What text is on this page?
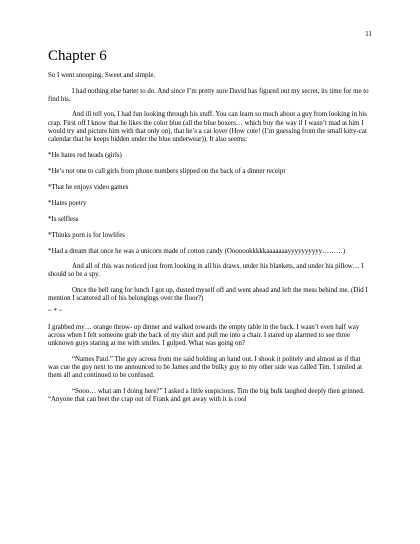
11
Chapter 6

So I went snooping. Sweet and simple.

I had nothing else batter to do. And since I’m pretty sure David has figured out my secret, its time for me to find his.

And ill tell you, I had fun looking through his stuff. You can learn so much about a guy from looking in his crap. First off I know that he likes the color blue (all the blue boxers… which buy the way if I wasn’t mad at him I would try and picture him with that only on), that he’s a cat lover (How cute! (I’m guessing from the small kitty-cat calendar that he keeps hidden under the blue underwear)). It also seems:

*He hates red heads (girls)

*He’s not one to call girls from phone numbers slipped on the back of a dinner receipt

*That he enjoys video games

*Hates poetry

*Is selfless

*Thinks porn is for lowlifes

*Had a dream that once he was a unicorn made of cotton candy (Ooooookkkkkaaaaaaayyyyyyyyyy………)

And all of this was noticed just from looking in all his draws, under his blankets, and under his pillow… I should so be a spy.

Once the bell rang for lunch I got up, dusted myself off and went ahead and left the mess behind me. (Did I mention I scattered all of his belongings over the floor?)

.

~ * ~

I grabbed my… orange throw- up dinner and walked towards the empty table in the back. I wasn’t even half way across when I felt someone grab the back of my shirt and pull me into a chair. I stared up alarmed to see three unknown guys staring at me with smiles. I gulped. What was going on?

“Names Paul.” The guy across from me said holding an hand out. I shook it politely and almost as if that was cue the guy next to me announced to be James and the bulky guy to my other side was called Tim. I smiled at them all and continued to be confused.

“Sooo… what am I doing here?” I asked a little suspicious. Tim the big bulk laughed deeply then grinned. “Anyone that can beet the crap out of Frank and get away with it is cool
